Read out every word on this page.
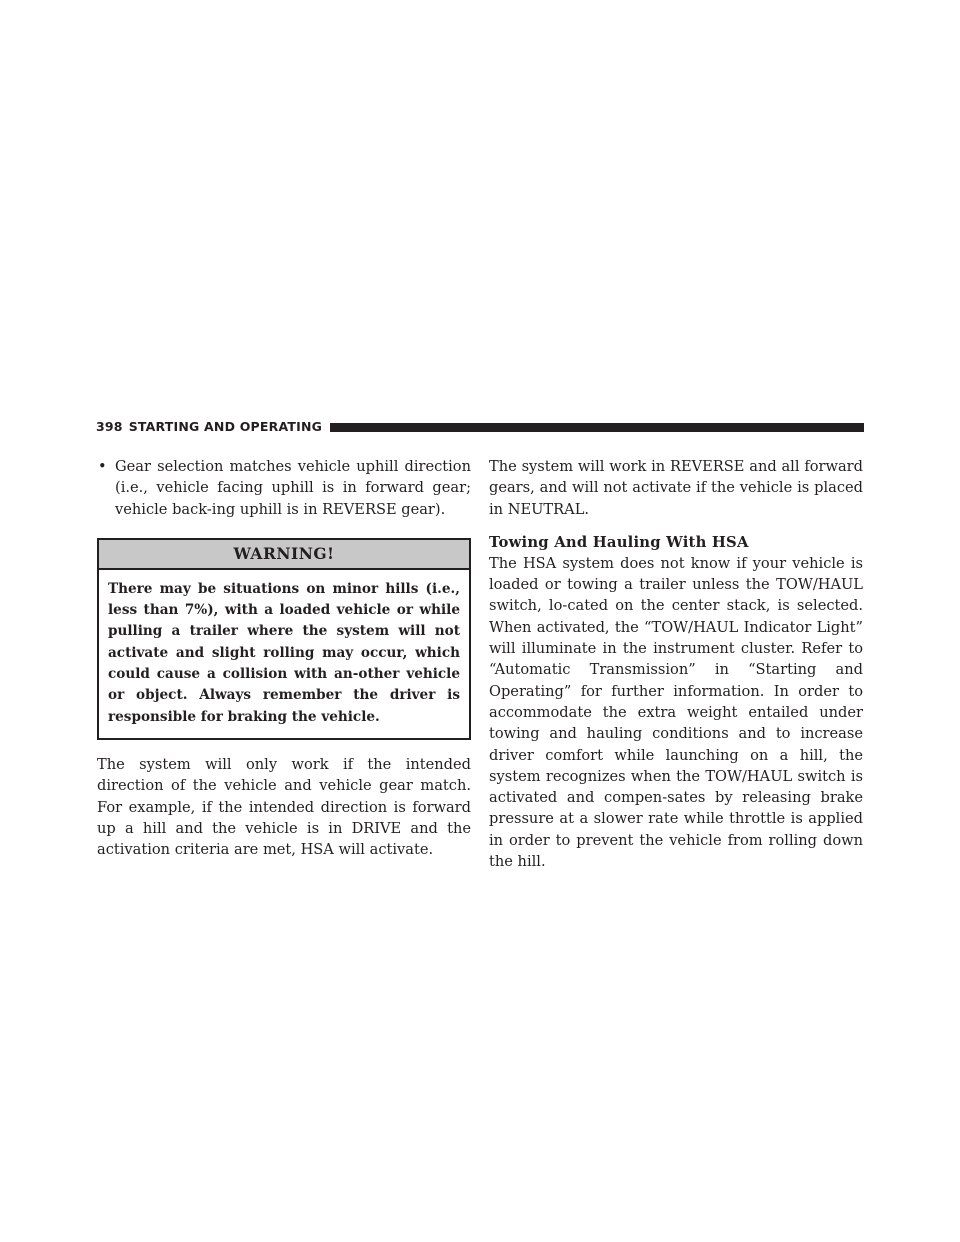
398 STARTING AND OPERATING
• Gear selection matches vehicle uphill direction (i.e., vehicle facing uphill is in forward gear; vehicle back-ing uphill is in REVERSE gear).

WARNING!
There may be situations on minor hills (i.e., less than 7%), with a loaded vehicle or while pulling a trailer where the system will not activate and slight rolling may occur, which could cause a collision with an-other vehicle or object. Always remember the driver is responsible for braking the vehicle.

The system will only work if the intended direction of the vehicle and vehicle gear match. For example, if the intended direction is forward up a hill and the vehicle is in DRIVE and the activation criteria are met, HSA will activate.

The system will work in REVERSE and all forward gears, and will not activate if the vehicle is placed in NEUTRAL.

Towing And Hauling With HSA

The HSA system does not know if your vehicle is loaded or towing a trailer unless the TOW/HAUL switch, lo-cated on the center stack, is selected. When activated, the “TOW/HAUL Indicator Light” will illuminate in the instrument cluster. Refer to “Automatic Transmission” in “Starting and Operating” for further information. In order to accommodate the extra weight entailed under towing and hauling conditions and to increase driver comfort while launching on a hill, the system recognizes when the TOW/HAUL switch is activated and compen-sates by releasing brake pressure at a slower rate while throttle is applied in order to prevent the vehicle from rolling down the hill.
